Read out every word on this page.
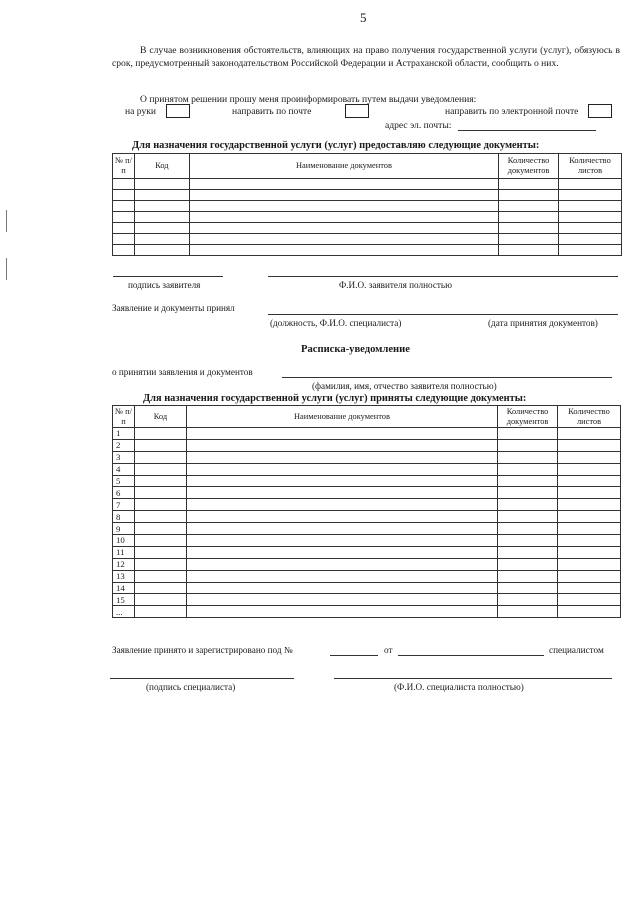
5
В случае возникновения обстоятельств, влияющих на право получения государственной услуги (услуг), обязуюсь в срок, предусмотренный законодательством Российской Федерации и Астраханской области, сообщить о них.
О принятом решении прошу меня проинформировать путем выдачи уведомления:
на руки	направить по почте	направить по электронной почте
адрес эл. почты:
Для назначения государственной услуги (услуг) предоставляю следующие документы:
№ п/п	Код	Наименование документов	Количество документов	Количество листов

подпись заявителя	Ф.И.О. заявителя полностью
Заявление и документы принял
(должность, Ф.И.О. специалиста)	(дата принятия документов)
Расписка-уведомление
о принятии заявления и документов
(фамилия, имя, отчество заявителя полностью)
Для назначения государственной услуги (услуг) приняты следующие документы:
№ п/п	Код	Наименование документов	Количество документов	Количество листов
1				
2				
3				
4				
5				
6				
7				
8				
9				
10				
11				
12				
13				
14				
15				
...				
Заявление принято и зарегистрировано под №	от	специалистом
(подпись специалиста)	(Ф.И.О. специалиста полностью)
